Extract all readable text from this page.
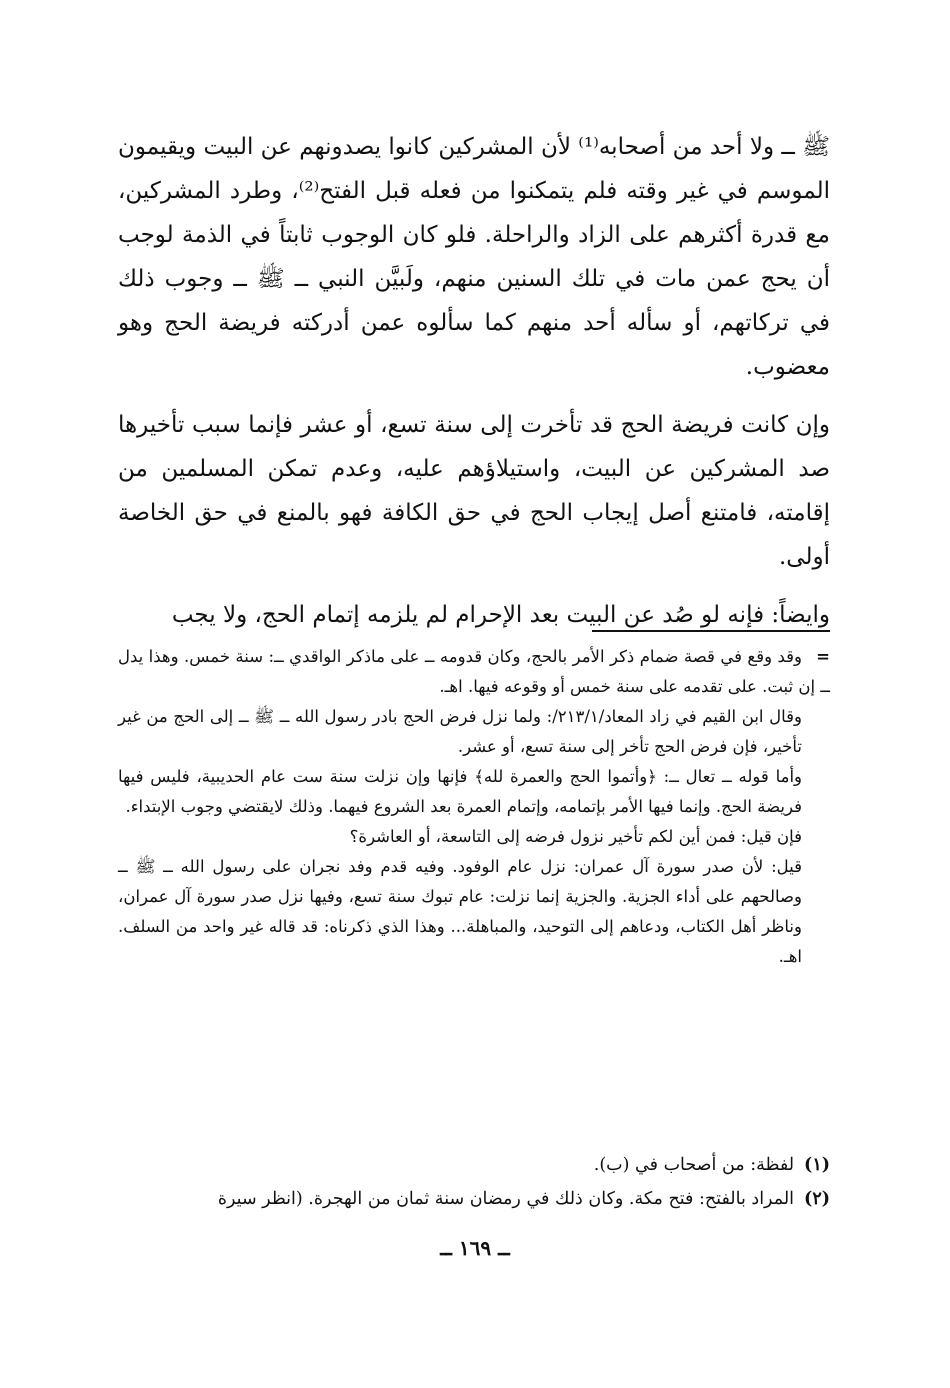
ﷺ ــ ولا أحد من أصحابه⁽¹⁾ لأن المشركين كانوا يصدونهم عن البيت ويقيمون الموسم في غير وقته فلم يتمكنوا من فعله قبل الفتح⁽²⁾، وطرد المشركين، مع قدرة أكثرهم على الزاد والراحلة. فلو كان الوجوب ثابتاً في الذمة لوجب أن يحج عمن مات في تلك السنين منهم، ولَبيَّن النبي ــ ﷺ ــ وجوب ذلك في تركاتهم، أو سأله أحد منهم كما سألوه عمن أدركته فريضة الحج وهو معضوب.

وإن كانت فريضة الحج قد تأخرت إلى سنة تسع، أو عشر فإنما سبب تأخيرها صد المشركين عن البيت، واستيلاؤهم عليه، وعدم تمكن المسلمين من إقامته، فامتنع أصل إيجاب الحج في حق الكافة فهو بالمنع في حق الخاصة أولى.

وايضاً: فإنه لو صُد عن البيت بعد الإحرام لم يلزمه إتمام الحج، ولا يجب

=وقد وقع في قصة ضمام ذكر الأمر بالحج، وكان قدومه ــ على ماذكر الواقدي ــ: سنة خمس. وهذا يدل ــ إن ثبت. على تقدمه على سنة خمس أو وقوعه فيها. اهـ.

وقال ابن القيم في زاد المعاد/٢١٣/١/: ولما نزل فرض الحج بادر رسول الله ــ ﷺ ــ إلى الحج من غير تأخير، فإن فرض الحج تأخر إلى سنة تسع، أو عشر.

وأما قوله ــ تعال ــ: ﴿وأتموا الحج والعمرة لله﴾ فإنها وإن نزلت سنة ست عام الحديبية، فليس فيها فريضة الحج. وإنما فيها الأمر بإتمامه، وإتمام العمرة بعد الشروع فيهما. وذلك لايقتضي وجوب الإبتداء.

فإن قيل: فمن أين لكم تأخير نزول فرضه إلى التاسعة، أو العاشرة؟

قيل: لأن صدر سورة آل عمران: نزل عام الوفود. وفيه قدم وفد نجران على رسول الله ــ ﷺ ــ وصالحهم على أداء الجزية. والجزية إنما نزلت: عام تبوك سنة تسع، وفيها نزل صدر سورة آل عمران، وناظر أهل الكتاب، ودعاهم إلى التوحيد، والمباهلة... وهذا الذي ذكرناه: قد قاله غير واحد من السلف. اهـ.

(١)
لفظة: من أصحاب في (ب).
(٢)
المراد بالفتح: فتح مكة. وكان ذلك في رمضان سنة ثمان من الهجرة. (انظر سيرة
ــ ١٦٩ ــ
